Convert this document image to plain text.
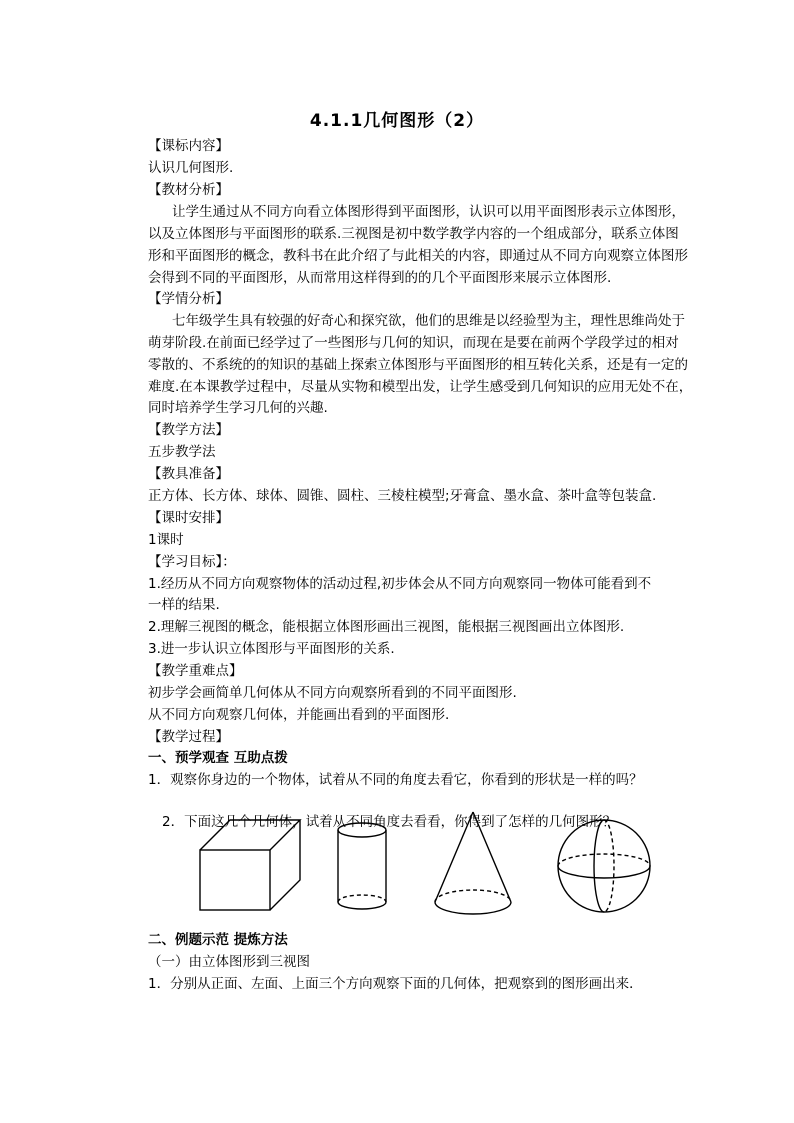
4.1.1几何图形（2）
【课标内容】
认识几何图形.
【教材分析】
让学生通过从不同方向看立体图形得到平面图形，认识可以用平面图形表示立体图形，
以及立体图形与平面图形的联系.三视图是初中数学教学内容的一个组成部分，联系立体图
形和平面图形的概念，教科书在此介绍了与此相关的内容，即通过从不同方向观察立体图形
会得到不同的平面图形，从而常用这样得到的的几个平面图形来展示立体图形.
【学情分析】
七年级学生具有较强的好奇心和探究欲，他们的思维是以经验型为主，理性思维尚处于
萌芽阶段.在前面已经学过了一些图形与几何的知识，而现在是要在前两个学段学过的相对
零散的、不系统的的知识的基础上探索立体图形与平面图形的相互转化关系，还是有一定的
难度.在本课教学过程中，尽量从实物和模型出发，让学生感受到几何知识的应用无处不在，
同时培养学生学习几何的兴趣.
【教学方法】
五步教学法
【教具准备】
正方体、长方体、球体、圆锥、圆柱、三棱柱模型;牙膏盒、墨水盒、茶叶盒等包装盒.
【课时安排】
1课时
【学习目标】：
1.经历从不同方向观察物体的活动过程,初步体会从不同方向观察同一物体可能看到不
一样的结果.
2.理解三视图的概念，能根据立体图形画出三视图，能根据三视图画出立体图形.
3.进一步认识立体图形与平面图形的关系.
【教学重难点】
初步学会画简单几何体从不同方向观察所看到的不同平面图形.
从不同方向观察几何体，并能画出看到的平面图形.
【教学过程】
一、预学观查 互助点拨
1．观察你身边的一个物体，试着从不同的角度去看它，你看到的形状是一样的吗？
2．下面这几个几何体，试着从不同角度去看看，你得到了怎样的几何图形？
二、例题示范 提炼方法
（一）由立体图形到三视图
1．分别从正面、左面、上面三个方向观察下面的几何体，把观察到的图形画出来．
